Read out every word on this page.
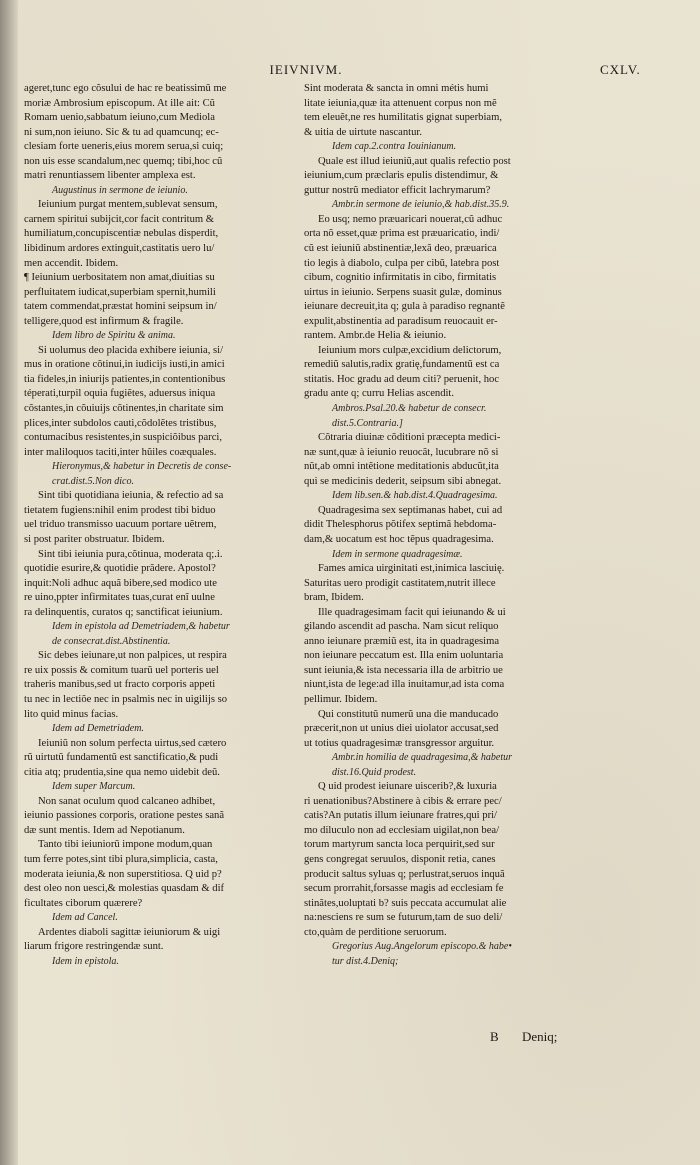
IEIVNIVM.	CXLV.
ageret,tunc ego cõsului de hac re beatissimũ me
moriæ Ambrosium episcopum. At ille ait: Cũ
Romam uenio,sabbatum ieiuno,cum Mediola
ni sum,non ieiuno. Sic & tu ad quamcunq; ec-
clesiam forte ueneris,eius morem serua,si cuiq;
non uis esse scandalum,nec quemq; tibi,hoc cũ
matri renuntiassem libenter amplexa est.
Augustinus in sermone de ieiunio.
Ieiunium purgat mentem,sublevat sensum,
carnem spiritui subijcit,cor facit contritum &
humiliatum,concupiscentiæ nebulas disperdit,
libidinum ardores extinguit,castitatis uero lu/
men accendit. Ibidem.
¶ Ieiunium uerbositatem non amat,diuitias su
perfluitatem iudicat,superbiam spernit,humili
tatem commendat,præstat homini seipsum in/
telligere,quod est infirmum & fragile.
Idem libro de Spiritu & anima.
Si uolumus deo placida exhibere ieiunia, si/
mus in oratione cõtinui,in iudicijs iusti,in amici
tia fideles,in iniurijs patientes,in contentionibus
téperati,turpil oquia fugiẽtes, aduersus iniqua
cõstantes,in cõuiuijs cõtinentes,in charitate sim
plices,inter subdolos cauti,cõdolẽtes tristibus,
contumacibus resistentes,in suspiciõibus parci,
inter maliloquos taciti,inter hũiles coæquales.
Hieronymus,& habetur in Decretis de conse-
crat.dist.5.Non dico.
Sint tibi quotidiana ieiunia, & refectio ad sa
tietatem fugiens:nihil enim prodest tibi biduo
uel triduo transmisso uacuum portare uẽtrem,
si post pariter obstruatur. Ibidem.
Sint tibi ieiunia pura,cõtinua, moderata q;.i.
quotidie esurire,& quotidie prãdere. Apostol?
inquit:Noli adhuc aquã bibere,sed modico ute
re uino,ppter infirmitates tuas,curat enĩ uulne
ra delinquentis, curatos q; sanctificat ieiunium.
Idem in epistola ad Demetriadem,& habetur
de consecrat.dist.Abstinentia.
Sic debes ieiunare,ut non palpices, ut respira
re uix possis & comitum tuarũ uel porteris uel
traheris manibus,sed ut fracto corporis appeti
tu nec in lectiõe nec in psalmis nec in uigilijs so
lito quid minus facias.
Idem ad Demetriadem.
Ieiuniũ non solum perfecta uirtus,sed cætero
rũ uirtutũ fundamentũ est sanctificatio,& pudi
citia atq; prudentia,sine qua nemo uidebit deũ.
Idem super Marcum.
Non sanat oculum quod calcaneo adhibet,
ieiunio passiones corporis, oratione pestes sanã
dæ sunt mentis. Idem ad Nepotianum.
Tanto tibi ieiuniorũ impone modum,quan
tum ferre potes,sint tibi plura,simplicia, casta,
moderata ieiunia,& non superstitiosa. Q uid p?
dest oleo non uesci,& molestias quasdam & dif
ficultates ciborum quærere?
Idem ad Cancel.
Ardentes diaboli sagittæ ieiuniorum & uigi
liarum frigore restringendæ sunt.
Idem in epistola.
Sint moderata & sancta in omni métis humi
litate ieiunia,quæ ita attenuent corpus non mẽ
tem eleuẽt,ne res humilitatis gignat superbiam,
& uitia de uirtute nascantur.
Idem cap.2.contra Iouinianum.
Quale est illud ieiuniũ,aut qualis refectio post
ieiunium,cum præclaris epulis distendimur, &
guttur nostrũ mediator efficit lachrymarum?
Ambr.in sermone de ieiunio,& hab.dist.35.9.
Eo usq; nemo præuaricari nouerat,cũ adhuc
orta nõ esset,quæ prima est præuaricatio, indi/
cũ est ieiuniũ abstinentiæ,lexã deo, præuarica
tio legis à diabolo, culpa per cibũ, latebra post
cibum, cognitio infirmitatis in cibo, firmitatis
uirtus in ieiunio. Serpens suasit gulæ, dominus
ieiunare decreuit,ita q; gula à paradiso regnantẽ
expulit,abstinentia ad paradisum reuocauit er-
rantem. Ambr.de Helia & ieiunio.
Ieiunium mors culpæ,excidium delictorum,
remediũ salutis,radix gratię,fundamentũ est ca
stitatis. Hoc gradu ad deum citi? peruenit, hoc
gradu ante q; curru Helias ascendit.
Ambros.Psal.20.& habetur de consecr.
dist.5.Contraria.]
Cõtraria diuinæ cõditioni præcepta medici-
næ sunt,quæ à ieiunio reuocãt, lucubrare nõ si
nũt,ab omni intẽtione meditationis abducũt,ita
qui se medicinis dederit, seipsum sibi abnegat.
Idem lib.sen.& hab.dist.4.Quadragesima.
Quadragesima sex septimanas habet, cui ad
didit Thelesphorus põtifex septimã hebdoma-
dam,& uocatum est hoc tẽpus quadragesima.
Idem in sermone quadragesimæ.
Fames amica uirginitati est,inimica lasciuię.
Saturitas uero prodigit castitatem,nutrit illece
bram, Ibidem.
Ille quadragesimam facit qui ieiunando & ui
gilando ascendit ad pascha. Nam sicut reliquo
anno ieiunare præmiũ est, ita in quadragesima
non ieiunare peccatum est. Illa enim uoluntaria
sunt ieiunia,& ista necessaria illa de arbitrio ue
niunt,ista de lege:ad illa inuitamur,ad ista coma
pellimur. Ibidem.
Qui constitutũ numerũ una die manducado
præcerit,non ut unius diei uiolator accusat,sed
ut totius quadragesimæ transgressor arguitur.
Ambr.in homilia de quadragesima,& habetur
dist.16.Quid prodest.
Q uid prodest ieiunare uiscerib?,& luxuria
ri uenationibus?Abstinere à cibis & errare pec/
catis?An putatis illum ieiunare fratres,qui pri/
mo diluculo non ad ecclesiam uigilat,non bea/
torum martyrum sancta loca perquirit,sed sur
gens congregat seruulos, disponit retia, canes
producit saltus syluas q; perlustrat,seruos inquã
secum prorrahit,forsasse magis ad ecclesiam fe
stinãtes,uoluptati b? suis peccata accumulat alie
na:nesciens re sum se futurum,tam de suo deli/
cto,quàm de perditione seruorum.
Gregorius Aug.Angelorum episcopo.& habe•
tur dist.4.Deniq;
B Deniq;
